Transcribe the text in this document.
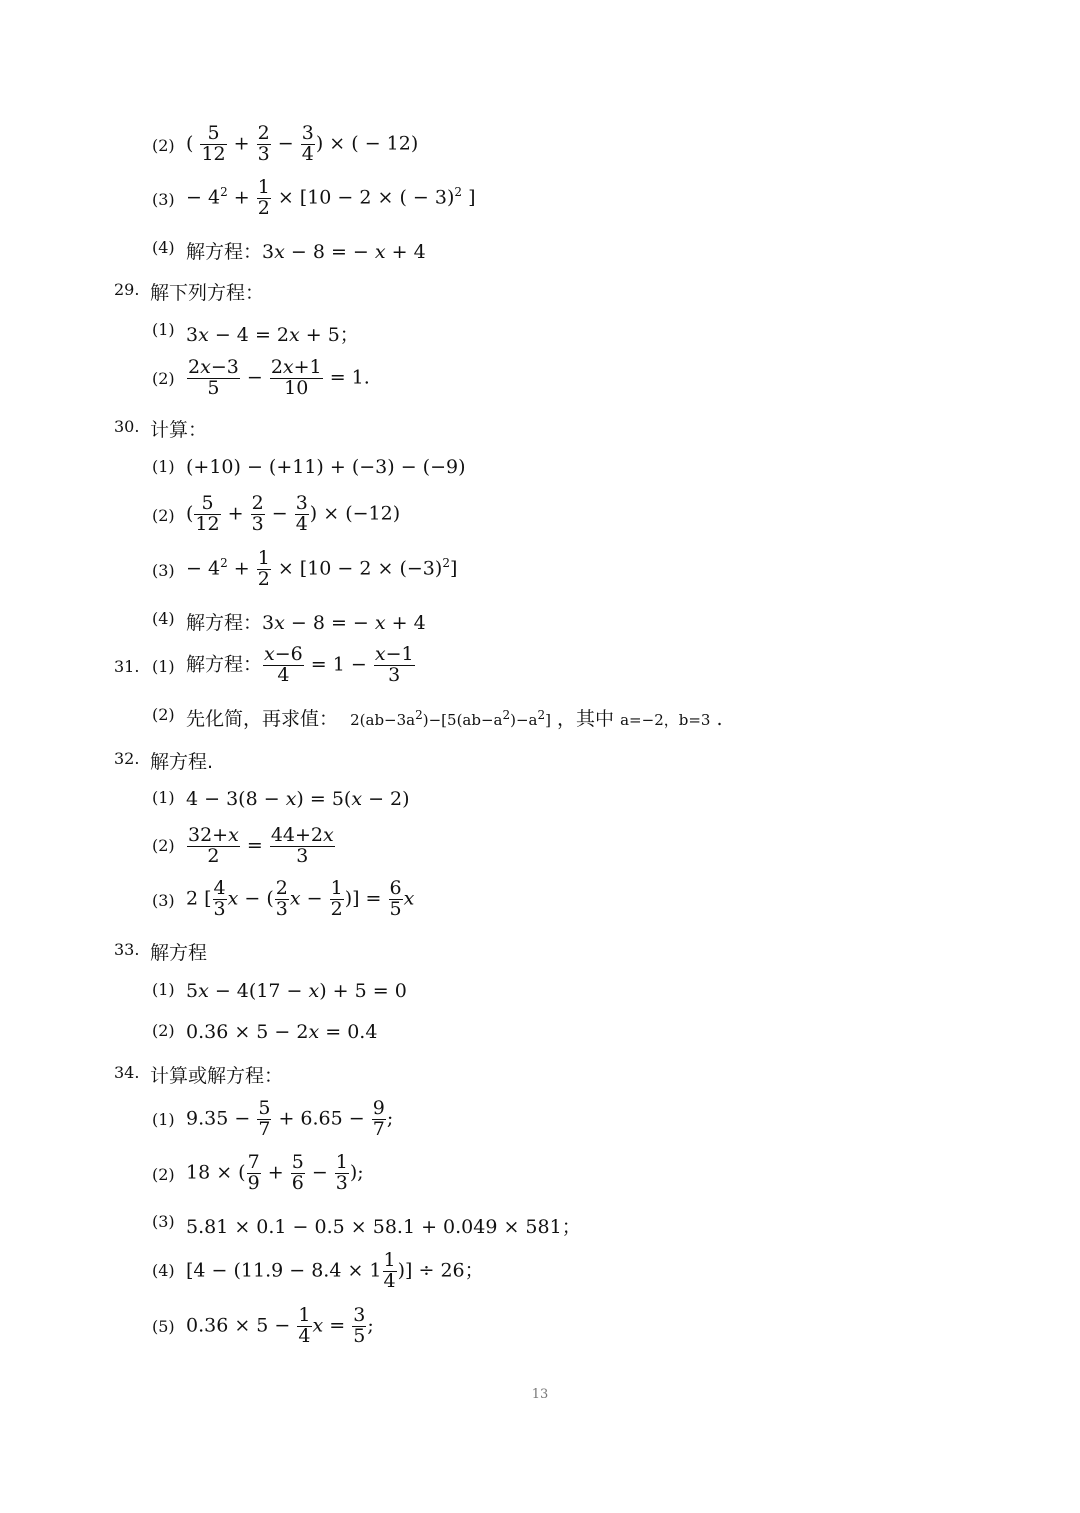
(2) ( $\frac{5}{12} + \frac{2}{3} - \frac{3}{4}$ ) × ( − 12)
$(3) - 4^2 + \frac{1}{2} \times [10 - 2$ × ( − 3)$^2$ ]
(4) 解方程：3x − 8 = − x + 4
29. 解下列方程：
(1) 3x − 4 = 2x + 5；
$(2) \frac{2x-3}{5} - \frac{2x+1}{10} = 1$.
30. 计算：
(1) (+10) − (+11) + (−3) − (−9)
(2) ( $\frac{5}{12} + \frac{2}{3} - \frac{3}{4}$ ) × (−12)
$(3) - 4^2 + \frac{1}{2} \times [10 - 2 \times (-3)^2]$
(4) 解方程：3x − 8 = − x + 4
31. (1) 解方程： $\frac{x-6}{4} = 1 - \frac{x-1}{3}$
(2) 先化简，再求值： $2(ab-3a^2)-[5(ab-a^2)-a^2]$ ，其中 a=−2，b=3 .
32. 解方程.
(1) 4 − 3(8 − x) = 5(x − 2)
$(2) \frac{32+x}{2} = \frac{44+2x}{3}$
(3) 2 [ $\frac{4}{3}$ x − ( $\frac{2}{3}$ $x - \frac{1}{2}$ )] = $\frac{6}{5}$ x
33. 解方程
(1) 5x − 4(17 − x) + 5 = 0
(2) 0.36 × 5 − 2x = 0.4
34. 计算或解方程：
(1) $9.35 - \frac{5}{7} + 6.65 - \frac{9}{7}$ ;
(2) 18 × ( $\frac{7}{9} + \frac{5}{6} - \frac{1}{3}$ );
(3) 5.81 × 0.1 − 0.5 × 58.1 + 0.049 × 581；
(4) [$4 - (11.9 - 8.4 \times 1 \frac{1}{4}$ )] ÷ 26；
(5) $0.36 \times 5 - \frac{1}{4}$ $x = \frac{3}{5}$ ;
13
